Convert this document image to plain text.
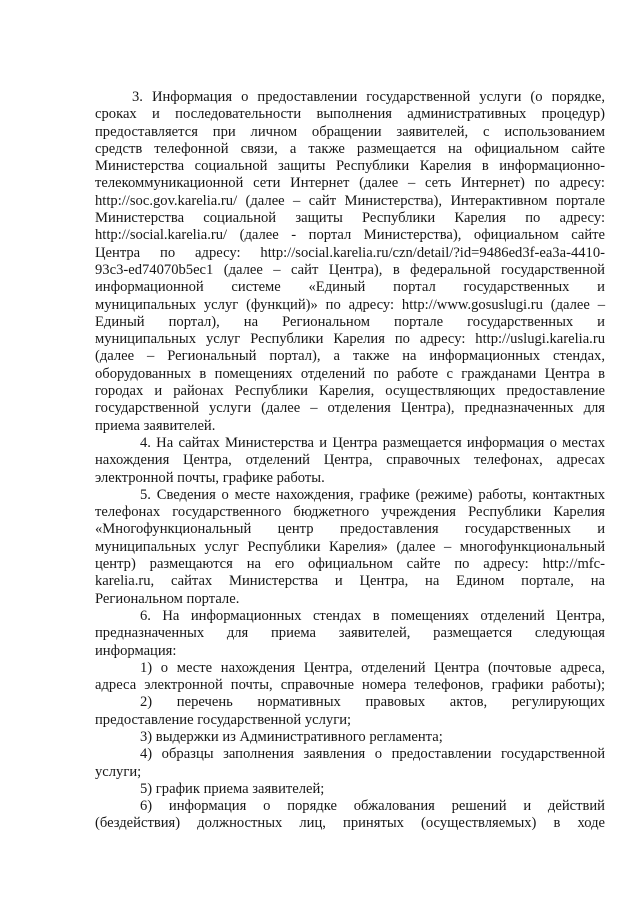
3. Информация о предоставлении государственной услуги (о порядке,
сроках и последовательности выполнения административных процедур)
предоставляется при личном обращении заявителей, с использованием
средств телефонной связи, а также размещается на официальном сайте
Министерства социальной защиты Республики Карелия в информационно-
телекоммуникационной сети Интернет (далее – сеть Интернет) по адресу:
http://soc.gov.karelia.ru/ (далее – сайт Министерства), Интерактивном портале
Министерства социальной защиты Республики Карелия по адресу:
http://social.karelia.ru/ (далее - портал Министерства), официальном сайте
Центра по адресу: http://social.karelia.ru/czn/detail/?id=9486ed3f-ea3a-4410-
93c3-ed74070b5ec1 (далее – сайт Центра), в федеральной государственной
информационной системе «Единый портал государственных и
муниципальных услуг (функций)» по адресу: http://www.gosuslugi.ru (далее –
Единый портал), на Региональном портале государственных и
муниципальных услуг Республики Карелия по адресу: http://uslugi.karelia.ru
(далее – Региональный портал), а также на информационных стендах,
оборудованных в помещениях отделений по работе с гражданами Центра в
городах и районах Республики Карелия, осуществляющих предоставление
государственной услуги (далее – отделения Центра), предназначенных для
приема заявителей.
4. На сайтах Министерства и Центра размещается информация о местах
нахождения Центра, отделений Центра, справочных телефонах, адресах
электронной почты, графике работы.
5. Сведения о месте нахождения, графике (режиме) работы, контактных
телефонах государственного бюджетного учреждения Республики Карелия
«Многофункциональный центр предоставления государственных и
муниципальных услуг Республики Карелия» (далее – многофункциональный
центр) размещаются на его официальном сайте по адресу: http://mfc-
karelia.ru, сайтах Министерства и Центра, на Едином портале, на
Региональном портале.
6. На информационных стендах в помещениях отделений Центра,
предназначенных для приема заявителей, размещается следующая
информация:
1) о месте нахождения Центра, отделений Центра (почтовые адреса,
адреса электронной почты, справочные номера телефонов, графики работы);
2) перечень нормативных правовых актов, регулирующих
предоставление государственной услуги;
3) выдержки из Административного регламента;
4) образцы заполнения заявления о предоставлении государственной
услуги;
5) график приема заявителей;
6) информация о порядке обжалования решений и действий
(бездействия) должностных лиц, принятых (осуществляемых) в ходе
